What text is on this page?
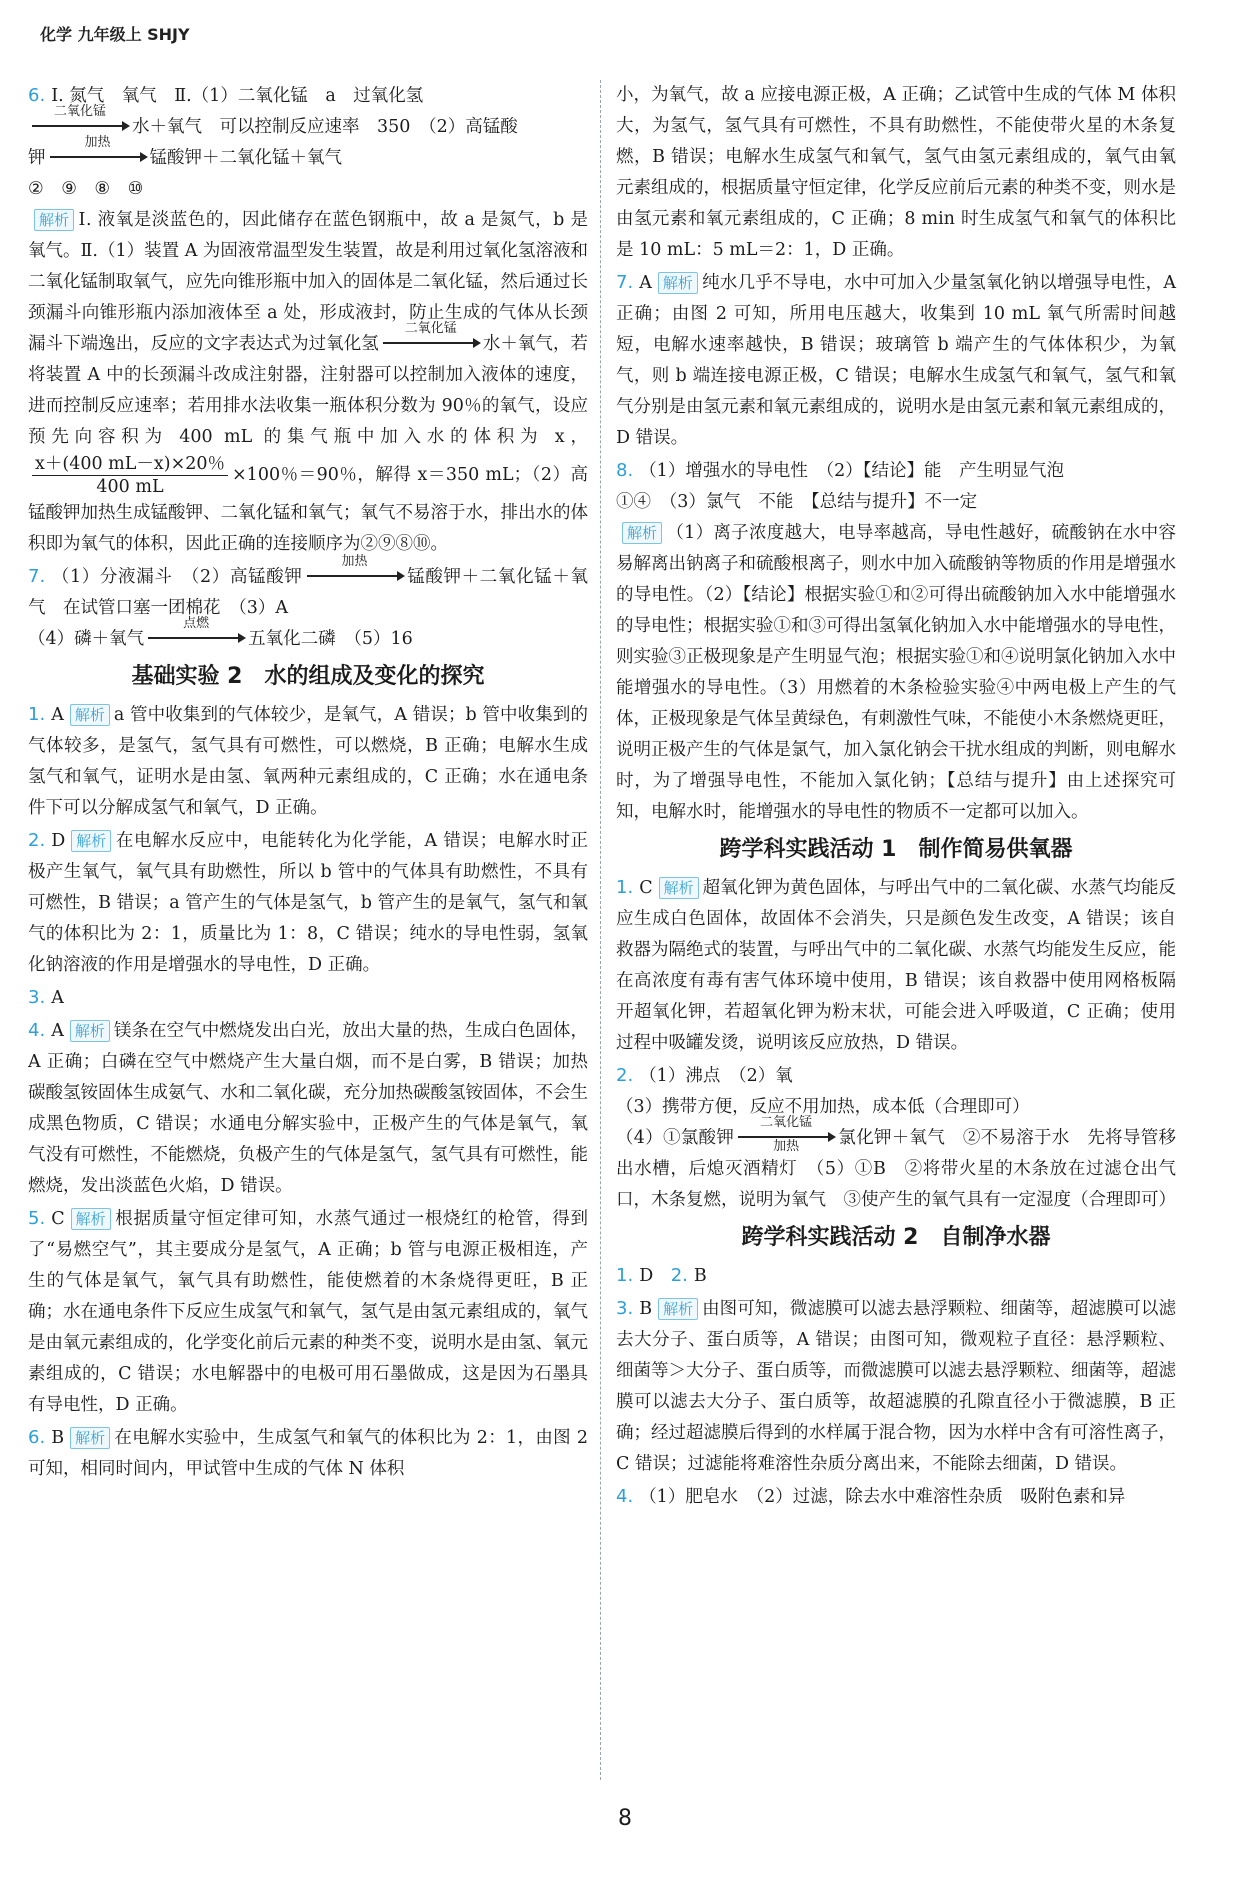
化学 九年级上 SHJY
6. Ⅰ. 氮气　氧气　Ⅱ.（1）二氧化锰　a　过氧化氢

二氧化锰
水＋氧气　可以控制反应速率　350　（2）高锰酸
钾
加热
锰酸钾＋二氧化锰＋氧气
②　⑨　⑧　⑩
解析 Ⅰ. 液氧是淡蓝色的，因此储存在蓝色钢瓶中，故 a 是氮气，b 是氧气。Ⅱ.（1）装置 A 为固液常温型发生装置，故是利用过氧化氢溶液和二氧化锰制取氧气，应先向锥形瓶中加入的固体是二氧化锰，然后通过长颈漏斗向锥形瓶内添加液体至 a 处，形成液封，防止生成的气体从长颈漏斗下端逸出，反应的文字表达式为过氧化氢
二氧化锰
水＋氧气，若将装置 A 中的长颈漏斗改成注射器，注射器可以控制加入液体的速度，进而控制反应速率；若用排水法收集一瓶体积分数为 90％的氧气，设应预先向容积为 400 mL 的集气瓶中加入水的体积为 x，
$\frac{x+(400 mL-x)\times 20\%}{400 mL} \times 100$％＝90％，解得 x＝350 mL；（2）高锰酸钾加热生成锰酸钾、二氧化锰和氧气；氧气不易溶于水，排出水的体积即为氧气的体积，因此正确的连接顺序为②⑨⑧⑩。
7. （1）分液漏斗　（2）高锰酸钾
加热
锰酸钾＋二氧化锰＋氧气　在试管口塞一团棉花　（3）A
（4）磷＋氧气
点燃
五氧化二磷　（5）16
基础实验 2　水的组成及变化的探究
1. A 解析 a 管中收集到的气体较少，是氧气，A 错误；b 管中收集到的气体较多，是氢气，氢气具有可燃性，可以燃烧，B 正确；电解水生成氢气和氧气，证明水是由氢、氧两种元素组成的，C 正确；水在通电条件下可以分解成氢气和氧气，D 正确。
2. D 解析 在电解水反应中，电能转化为化学能，A 错误；电解水时正极产生氧气，氧气具有助燃性，所以 b 管中的气体具有助燃性，不具有可燃性，B 错误；a 管产生的气体是氢气，b 管产生的是氧气，氢气和氧气的体积比为 2：1，质量比为 1：8，C 错误；纯水的导电性弱，氢氧化钠溶液的作用是增强水的导电性，D 正确。
3. A
4. A 解析 镁条在空气中燃烧发出白光，放出大量的热，生成白色固体，A 正确；白磷在空气中燃烧产生大量白烟，而不是白雾，B 错误；加热碳酸氢铵固体生成氨气、水和二氧化碳，充分加热碳酸氢铵固体，不会生成黑色物质，C 错误；水通电分解实验中，正极产生的气体是氧气，氧气没有可燃性，不能燃烧，负极产生的气体是氢气，氢气具有可燃性，能燃烧，发出淡蓝色火焰，D 错误。
5. C 解析 根据质量守恒定律可知，水蒸气通过一根烧红的枪管，得到了“易燃空气”，其主要成分是氢气，A 正确；b 管与电源正极相连，产生的气体是氧气，氧气具有助燃性，能使燃着的木条烧得更旺，B 正确；水在通电条件下反应生成氢气和氧气，氢气是由氢元素组成的，氧气是由氧元素组成的，化学变化前后元素的种类不变，说明水是由氢、氧元素组成的，C 错误；水电解器中的电极可用石墨做成，这是因为石墨具有导电性，D 正确。
6. B 解析 在电解水实验中，生成氢气和氧气的体积比为 2：1，由图 2 可知，相同时间内，甲试管中生成的气体 N 体积
小，为氧气，故 a 应接电源正极，A 正确；乙试管中生成的气体 M 体积大，为氢气，氢气具有可燃性，不具有助燃性，不能使带火星的木条复燃，B 错误；电解水生成氢气和氧气，氢气由氢元素组成的，氧气由氧元素组成的，根据质量守恒定律，化学反应前后元素的种类不变，则水是由氢元素和氧元素组成的，C 正确；8 min 时生成氢气和氧气的体积比是 10 mL：5 mL＝2：1，D 正确。
7. A 解析 纯水几乎不导电，水中可加入少量氢氧化钠以增强导电性，A 正确；由图 2 可知，所用电压越大，收集到 10 mL 氧气所需时间越短，电解水速率越快，B 错误；玻璃管 b 端产生的气体体积少，为氧气，则 b 端连接电源正极，C 错误；电解水生成氢气和氧气，氢气和氧气分别是由氢元素和氧元素组成的，说明水是由氢元素和氧元素组成的，D 错误。
8. （1）增强水的导电性　（2）【结论】能　产生明显气泡
①④　（3）氯气　不能　【总结与提升】不一定
解析 （1）离子浓度越大，电导率越高，导电性越好，硫酸钠在水中容易解离出钠离子和硫酸根离子，则水中加入硫酸钠等物质的作用是增强水的导电性。（2）【结论】根据实验①和②可得出硫酸钠加入水中能增强水的导电性；根据实验①和③可得出氢氧化钠加入水中能增强水的导电性，则实验③正极现象是产生明显气泡；根据实验①和④说明氯化钠加入水中能增强水的导电性。（3）用燃着的木条检验实验④中两电极上产生的气体，正极现象是气体呈黄绿色，有刺激性气味，不能使小木条燃烧更旺，说明正极产生的气体是氯气，加入氯化钠会干扰水组成的判断，则电解水时，为了增强导电性，不能加入氯化钠；【总结与提升】由上述探究可知，电解水时，能增强水的导电性的物质不一定都可以加入。
跨学科实践活动 1　制作简易供氧器
1. C 解析 超氧化钾为黄色固体，与呼出气中的二氧化碳、水蒸气均能反应生成白色固体，故固体不会消失，只是颜色发生改变，A 错误；该自救器为隔绝式的装置，与呼出气中的二氧化碳、水蒸气均能发生反应，能在高浓度有毒有害气体环境中使用，B 错误；该自救器中使用网格板隔开超氧化钾，若超氧化钾为粉末状，可能会进入呼吸道，C 正确；使用过程中吸罐发烫，说明该反应放热，D 错误。
2. （1）沸点　（2）氧
（3）携带方便，反应不用加热，成本低（合理即可）
（4）①氯酸钾
二氧化锰
加热	氯化钾＋氧气　②不易溶于水　先将导管移出水槽，后熄灭酒精灯　（5）①B　②将带火星的木条放在过滤仓出气口，木条复燃，说明为氧气　③使产生的氧气具有一定湿度（合理即可）
跨学科实践活动 2　自制净水器
1. D　 2. B
3. B 解析 由图可知，微滤膜可以滤去悬浮颗粒、细菌等，超滤膜可以滤去大分子、蛋白质等，A 错误；由图可知，微观粒子直径：悬浮颗粒、细菌等＞大分子、蛋白质等，而微滤膜可以滤去悬浮颗粒、细菌等，超滤膜可以滤去大分子、蛋白质等，故超滤膜的孔隙直径小于微滤膜，B 正确；经过超滤膜后得到的水样属于混合物，因为水样中含有可溶性离子，C 错误；过滤能将难溶性杂质分离出来，不能除去细菌，D 错误。
4. （1）肥皂水　（2）过滤，除去水中难溶性杂质　吸附色素和异
8
